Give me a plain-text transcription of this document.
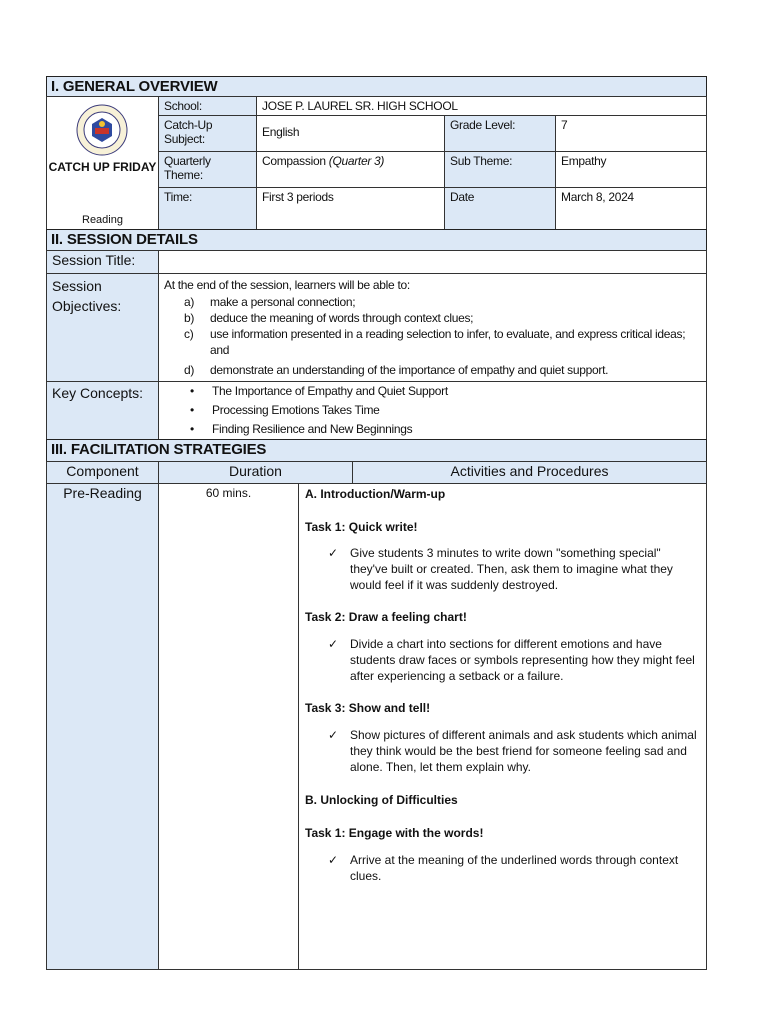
I. GENERAL OVERVIEW
CATCH UP FRIDAY
Reading
School:	JOSE P. LAUREL SR. HIGH SCHOOL
Catch-Up Subject:	English	Grade Level:	7
Quarterly Theme:
Compassion (Quarter 3)	Sub Theme:	Empathy
Time:	First 3 periods	Date	March 8, 2024
II. SESSION DETAILS
Session Title:
Session Objectives:
At the end of the session, learners will be able to:
a) make a personal connection;
b) deduce the meaning of words through context clues;
c) use information presented in a reading selection to infer, to evaluate, and express critical ideas; and
d) demonstrate an understanding of the importance of empathy and quiet support.
Key Concepts:
•	The Importance of Empathy and Quiet Support
• Processing Emotions Takes Time
• Finding Resilience and New Beginnings
III. FACILITATION STRATEGIES
Component	Duration	Activities and Procedures
Pre-Reading	60 mins.	A. Introduction/Warm-up
Task 1: Quick write!

✓ Give students 3 minutes to write down "something special" they've built or created. Then, ask them to imagine what they would feel if it was suddenly destroyed.

Task 2: Draw a feeling chart!

✓ Divide a chart into sections for different emotions and have students draw faces or symbols representing how they might feel after experiencing a setback or a failure.

Task 3: Show and tell!

✓ Show pictures of different animals and ask students which animal they think would be the best friend for someone feeling sad and alone. Then, let them explain why.

B. Unlocking of Difficulties
Task 1: Engage with the words!

✓ Arrive at the meaning of the underlined words through context clues.
